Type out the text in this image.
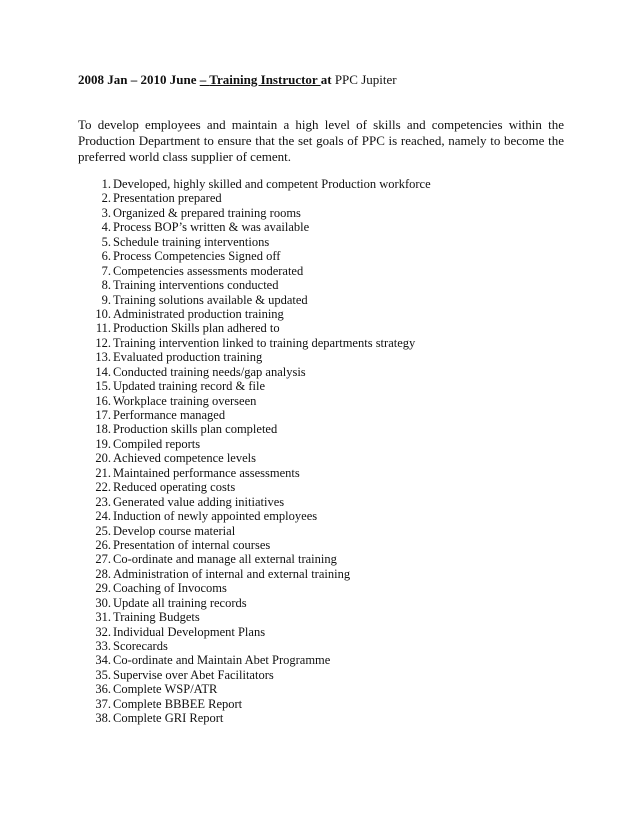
2008 Jan – 2010 June – Training Instructor at PPC Jupiter
To develop employees and maintain a high level of skills and competencies within the Production Department to ensure that the set goals of PPC is reached, namely to become the preferred world class supplier of cement.
1. Developed, highly skilled and competent Production workforce
2. Presentation prepared
3. Organized & prepared training rooms
4. Process BOP’s written & was available
5. Schedule training interventions
6. Process Competencies Signed off
7. Competencies assessments moderated
8. Training interventions conducted
9. Training solutions available & updated
10. Administrated production training
11. Production Skills plan adhered to
12. Training intervention linked to training departments strategy
13. Evaluated production training
14. Conducted training needs/gap analysis
15. Updated training record & file
16. Workplace training overseen
17. Performance managed
18. Production skills plan completed
19. Compiled reports
20. Achieved competence levels
21. Maintained performance assessments
22. Reduced operating costs
23. Generated value adding initiatives
24. Induction of newly appointed employees
25. Develop course material
26. Presentation of internal courses
27. Co-ordinate and manage all external training
28. Administration of internal and external training
29. Coaching of Invocoms
30. Update all training records
31. Training Budgets
32. Individual Development Plans
33. Scorecards
34. Co-ordinate and Maintain Abet Programme
35. Supervise over Abet Facilitators
36. Complete WSP/ATR
37. Complete BBBEE Report
38. Complete GRI Report
